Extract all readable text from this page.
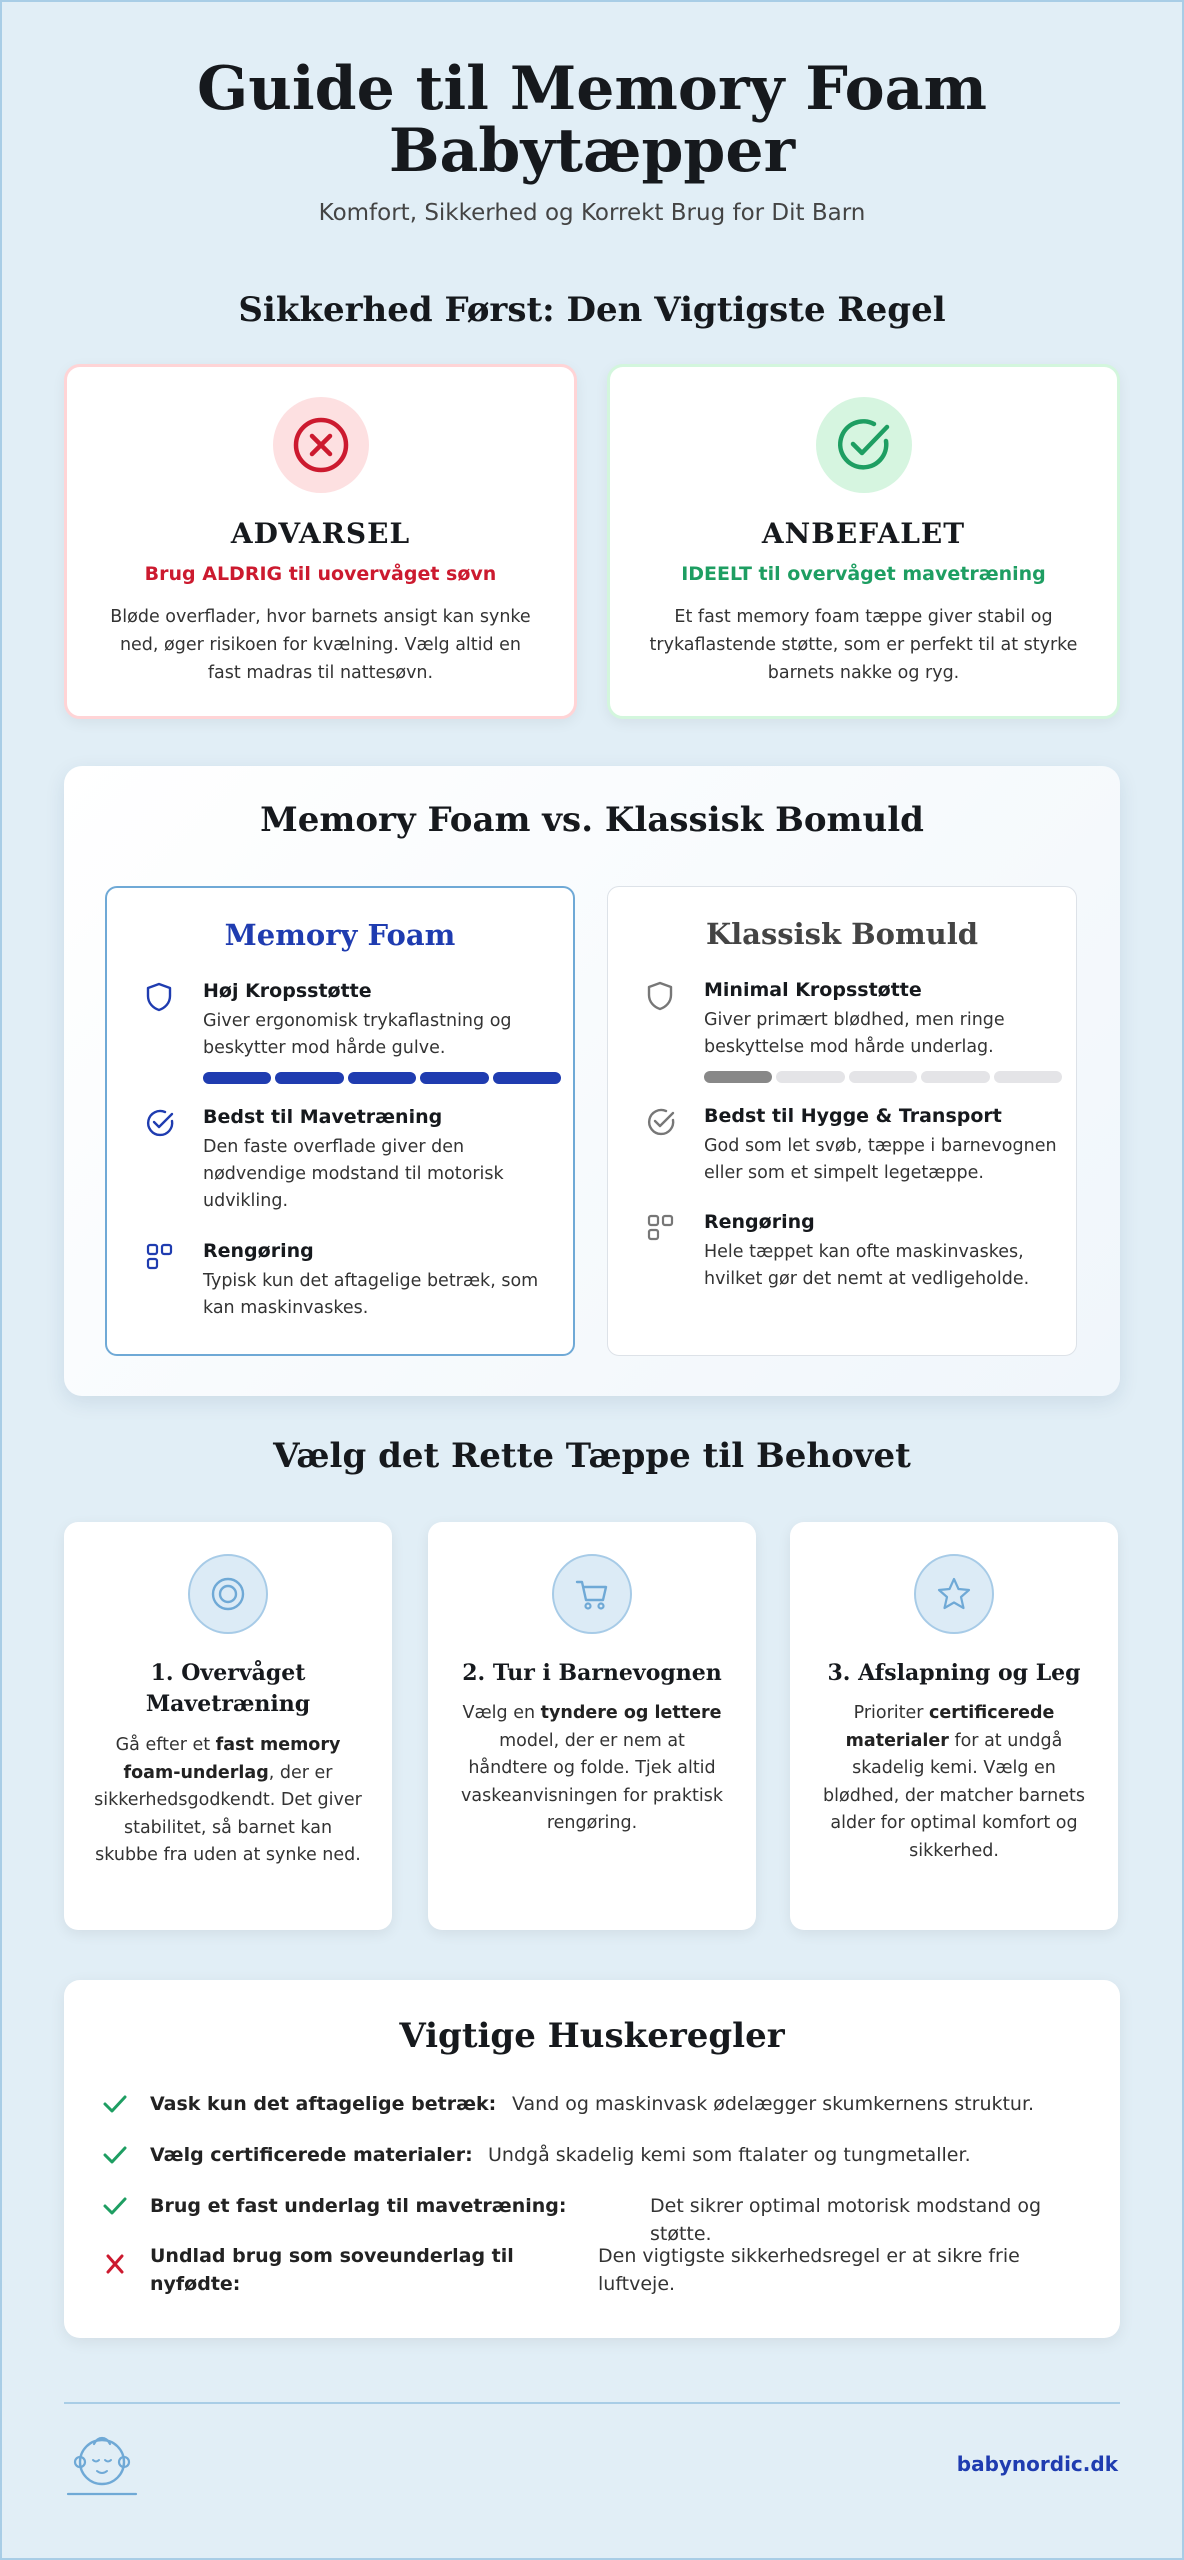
Guide til Memory Foam
Babytæpper
Komfort, Sikkerhed og Korrekt Brug for Dit Barn
Sikkerhed Først: Den Vigtigste Regel
ADVARSEL
Brug ALDRIG til uovervåget søvn
Bløde overflader, hvor barnets ansigt kan synke ned, øger risikoen for kvælning. Vælg altid en fast madras til nattesøvn.
ANBEFALET
IDEELT til overvåget mavetræning
Et fast memory foam tæppe giver stabil og trykaflastende støtte, som er perfekt til at styrke barnets nakke og ryg.
Memory Foam vs. Klassisk Bomuld
Memory Foam
Høj Kropsstøtte
Giver ergonomisk trykaflastning og beskytter mod hårde gulve.
Bedst til Mavetræning
Den faste overflade giver den nødvendige modstand til motorisk udvikling.
Rengøring
Typisk kun det aftagelige betræk, som kan maskinvaskes.
Klassisk Bomuld
Minimal Kropsstøtte
Giver primært blødhed, men ringe beskyttelse mod hårde underlag.
Bedst til Hygge & Transport
God som let svøb, tæppe i barnevognen eller som et simpelt legetæppe.
Rengøring
Hele tæppet kan ofte maskinvaskes, hvilket gør det nemt at vedligeholde.
Vælg det Rette Tæppe til Behovet
1. Overvåget
Mavetræning
Gå efter et fast memory foam-underlag, der er sikkerhedsgodkendt. Det giver stabilitet, så barnet kan skubbe fra uden at synke ned.
2. Tur i Barnevognen
Vælg en tyndere og lettere model, der er nem at håndtere og folde. Tjek altid vaskeanvisningen for praktisk rengøring.
3. Afslapning og Leg
Prioriter certificerede materialer for at undgå skadelig kemi. Vælg en blødhed, der matcher barnets alder for optimal komfort og sikkerhed.
Vigtige Huskeregler
Vask kun det aftagelige betræk: Vand og maskinvask ødelægger skumkernens struktur.
Vælg certificerede materialer: Undgå skadelig kemi som ftalater og tungmetaller.
Brug et fast underlag til mavetræning:	Det sikrer optimal motorisk modstand og støtte.
Undlad brug som soveunderlag til nyfødte:
Den vigtigste sikkerhedsregel er at sikre frie luftveje.
babynordic.dk
